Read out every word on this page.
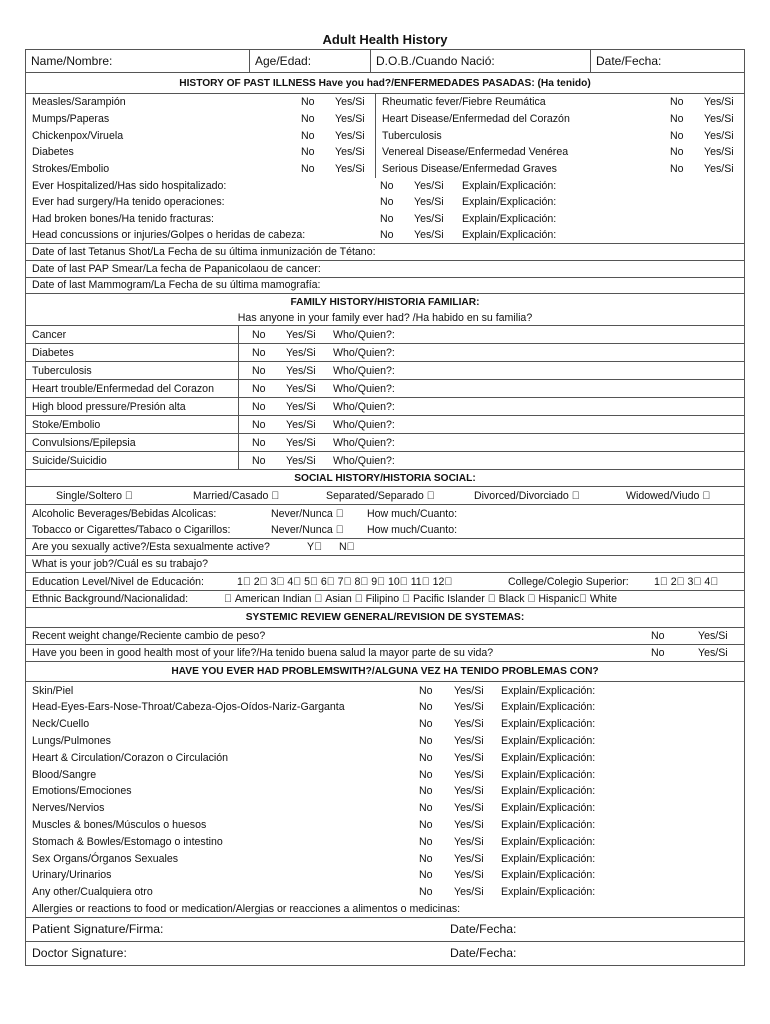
Adult Health History
Name/Nombre:	Age/Edad:	D.O.B./Cuando Nació:	Date/Fecha:
HISTORY OF PAST ILLNESS Have you had?/ENFERMEDADES PASADAS: (Ha tenido)
Measles/Sarampión	No Yes/Si Rheumatic fever/Fiebre Reumática	No Yes/Si
Mumps/Paperas	No Yes/Si Heart Disease/Enfermedad del Corazón	No Yes/Si
Chickenpox/Viruela	No Yes/Si Tuberculosis	No Yes/Si
Diabetes	No Yes/Si Venereal Disease/Enfermedad Venérea	No Yes/Si
Strokes/Embolio	No Yes/Si Serious Disease/Enfermedad Graves	No Yes/Si
Ever Hospitalized/Has sido hospitalizado:	No Yes/Si Explain/Explicación:
Ever had surgery/Ha tenido operaciones:	No Yes/Si Explain/Explicación:
Had broken bones/Ha tenido fracturas:	No Yes/Si Explain/Explicación:
Head concussions or injuries/Golpes o heridas de cabeza:	No Yes/Si Explain/Explicación:
Date of last Tetanus Shot/La Fecha de su última inmunización de Tétano:
Date of last PAP Smear/La fecha de Papanicolaou de cancer:
Date of last Mammogram/La Fecha de su última mamografía:
FAMILY HISTORY/HISTORIA FAMILIAR:
Has anyone in your family ever had? /Ha habido en su familia?
Cancer	No Yes/Si Who/Quien?:
Diabetes	No Yes/Si Who/Quien?:
Tuberculosis	No Yes/Si Who/Quien?:
Heart trouble/Enfermedad del Corazon	No Yes/Si Who/Quien?:
High blood pressure/Presión alta	No Yes/Si Who/Quien?:
Stoke/Embolio	No Yes/Si Who/Quien?:
Convulsions/Epilepsia	No Yes/Si Who/Quien?:
Suicide/Suicidio	No Yes/Si Who/Quien?:
SOCIAL HISTORY/HISTORIA SOCIAL:
Single/Soltero	Married/Casado	Separated/Separado	Divorced/Divorciado	Widowed/Viudo
Alcoholic Beverages/Bebidas Alcolicas:	Never/Nunca	How much/Cuanto:
Tobacco or Cigarettes/Tabaco o Cigarillos:	Never/Nunca	How much/Cuanto:
Are you sexually active?/Esta sexualmente active?	Y N
What is your job?/Cuál es su trabajo?
Education Level/Nivel de Educación:	1 2 3 4 5 6 7 8 9 10 11 12	College/Colegio Superior: 1 2 3 4
Ethnic Background/Nacionalidad:	American Indian Asian Filipino Pacific Islander Black Hispanic White
SYSTEMIC REVIEW GENERAL/REVISION DE SYSTEMAS:
Recent weight change/Reciente cambio de peso?	No	Yes/Si
Have you been in good health most of your life?/Ha tenido buena salud la mayor parte de su vida?	No	Yes/Si
HAVE YOU EVER HAD PROBLEMSWITH?/ALGUNA VEZ HA TENIDO PROBLEMAS CON?
Skin/Piel	No Yes/Si Explain/Explicación:
Head-Eyes-Ears-Nose-Throat/Cabeza-Ojos-Oídos-Nariz-Garganta	No Yes/Si Explain/Explicación:
Neck/Cuello	No Yes/Si Explain/Explicación:
Lungs/Pulmones	No Yes/Si Explain/Explicación:
Heart & Circulation/Corazon o Circulación	No Yes/Si Explain/Explicación:
Blood/Sangre	No Yes/Si Explain/Explicación:
Emotions/Emociones	No Yes/Si Explain/Explicación:
Nerves/Nervios	No Yes/Si Explain/Explicación:
Muscles & bones/Músculos o huesos	No Yes/Si Explain/Explicación:
Stomach & Bowles/Estomago o intestino	No Yes/Si Explain/Explicación:
Sex Organs/Órganos Sexuales	No Yes/Si Explain/Explicación:
Urinary/Urinarios	No Yes/Si Explain/Explicación:
Any other/Cualquiera otro	No Yes/Si Explain/Explicación:
Allergies or reactions to food or medication/Alergias or reacciones a alimentos o medicinas:
Patient Signature/Firma:	Date/Fecha:
Doctor Signature:	Date/Fecha:
